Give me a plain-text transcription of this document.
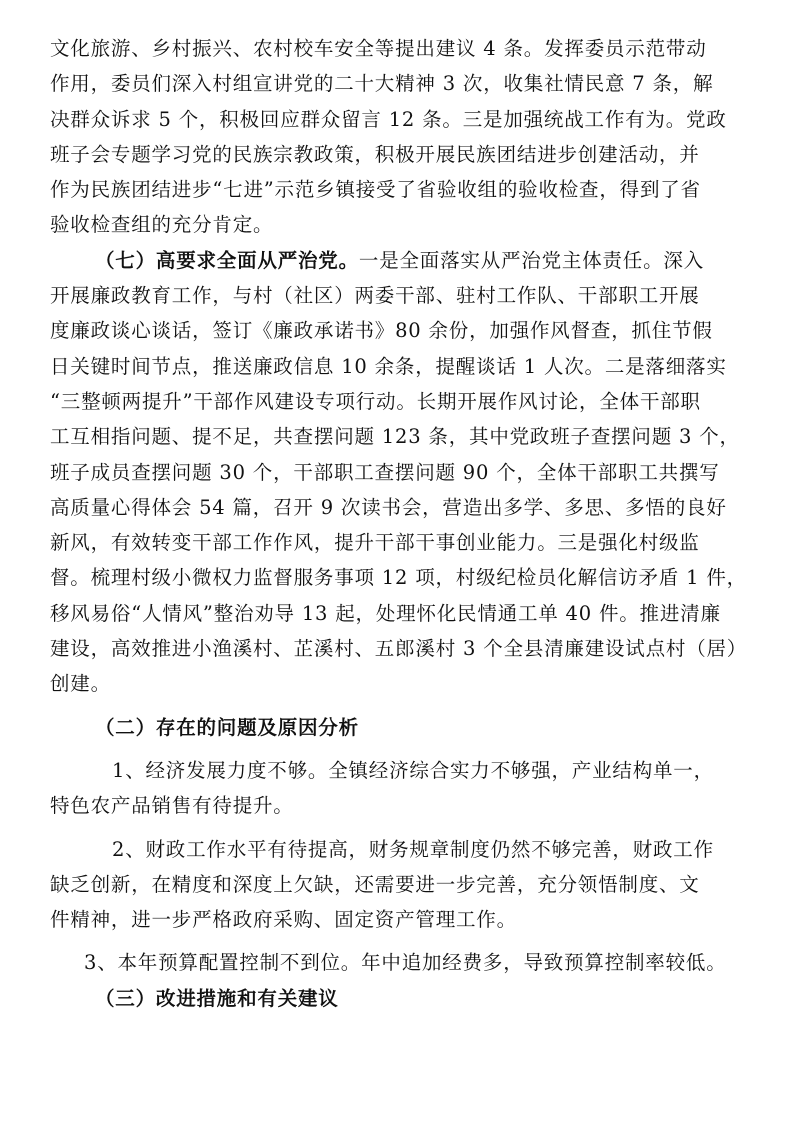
文化旅游、乡村振兴、农村校车安全等提出建议 4 条。发挥委员示范带动
作用，委员们深入村组宣讲党的二十大精神 3 次，收集社情民意 7 条，解
决群众诉求 5 个，积极回应群众留言 12 条。三是加强统战工作有为。党政
班子会专题学习党的民族宗教政策，积极开展民族团结进步创建活动，并
作为民族团结进步“七进”示范乡镇接受了省验收组的验收检查，得到了省
验收检查组的充分肯定。
（七）高要求全面从严治党。一是全面落实从严治党主体责任。深入
开展廉政教育工作，与村（社区）两委干部、驻村工作队、干部职工开展
度廉政谈心谈话，签订《廉政承诺书》80 余份，加强作风督查，抓住节假
日关键时间节点，推送廉政信息 10 余条，提醒谈话 1 人次。二是落细落实
“三整顿两提升”干部作风建设专项行动。长期开展作风讨论，全体干部职
工互相指问题、提不足，共查摆问题 123 条，其中党政班子查摆问题 3 个，
班子成员查摆问题 30 个，干部职工查摆问题 90 个，全体干部职工共撰写
高质量心得体会 54 篇，召开 9 次读书会，营造出多学、多思、多悟的良好
新风，有效转变干部工作作风，提升干部干事创业能力。三是强化村级监
督。梳理村级小微权力监督服务事项 12 项，村级纪检员化解信访矛盾 1 件，
移风易俗“人情风”整治劝导 13 起，处理怀化民情通工单 40 件。推进清廉
建设，高效推进小渔溪村、芷溪村、五郎溪村 3 个全县清廉建设试点村（居）
创建。
（二）存在的问题及原因分析
1、经济发展力度不够。全镇经济综合实力不够强，产业结构单一，
特色农产品销售有待提升。
2、财政工作水平有待提高，财务规章制度仍然不够完善，财政工作
缺乏创新，在精度和深度上欠缺，还需要进一步完善，充分领悟制度、文
件精神，进一步严格政府采购、固定资产管理工作。
3、本年预算配置控制不到位。年中追加经费多，导致预算控制率较低。
（三）改进措施和有关建议
